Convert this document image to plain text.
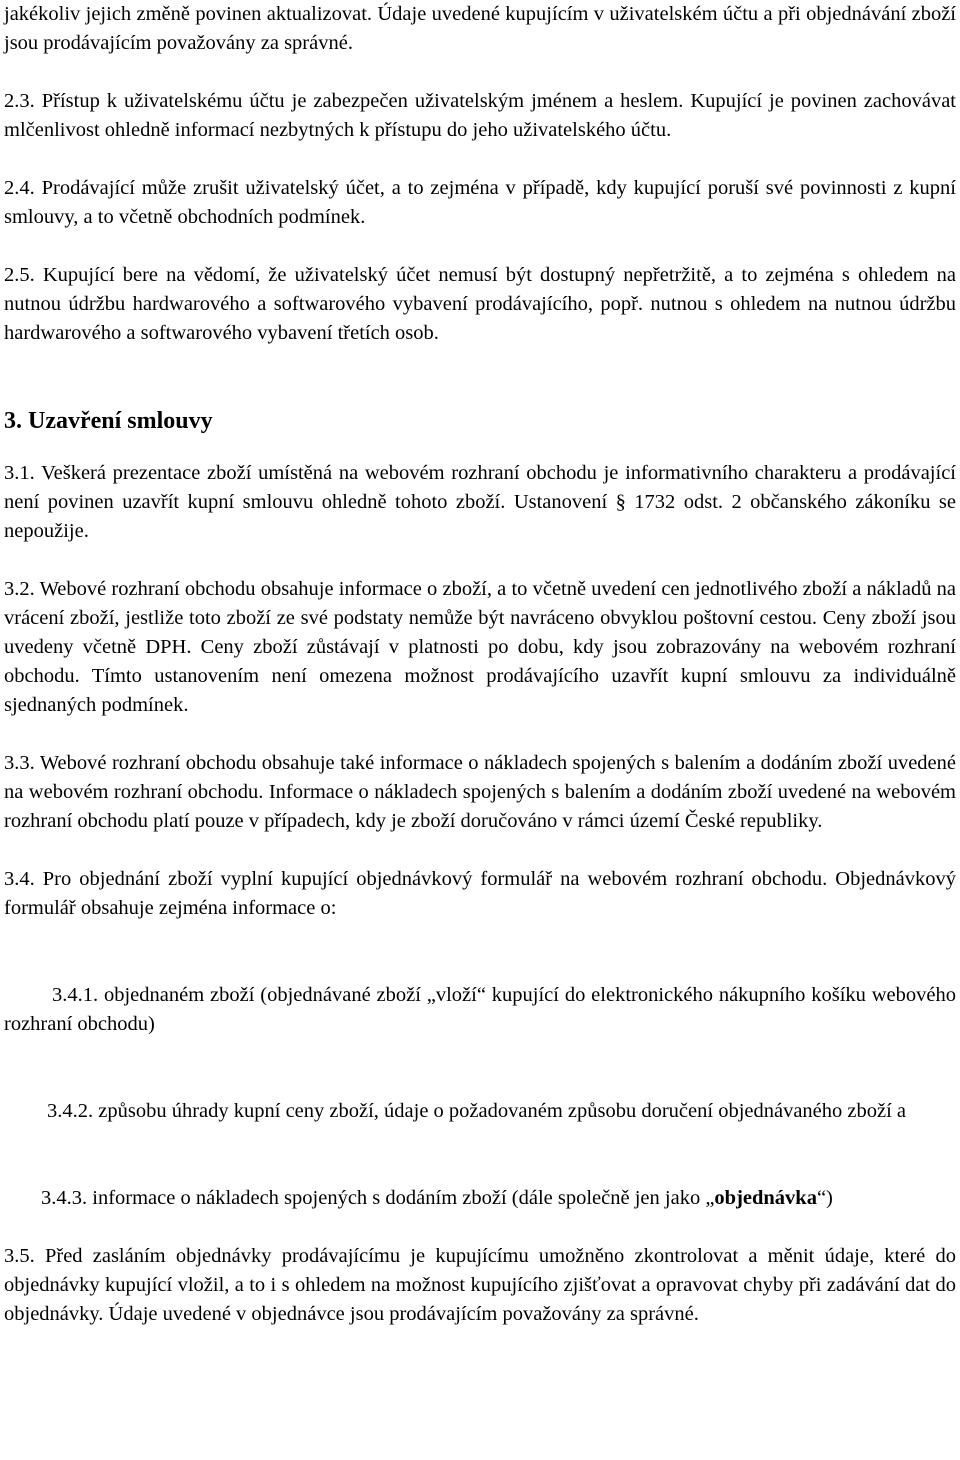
jakékoliv jejich změně povinen aktualizovat. Údaje uvedené kupujícím v uživatelském účtu a při objednávání zboží jsou prodávajícím považovány za správné.

2.3. Přístup k uživatelskému účtu je zabezpečen uživatelským jménem a heslem. Kupující je povinen zachovávat mlčenlivost ohledně informací nezbytných k přístupu do jeho uživatelského účtu.

2.4. Prodávající může zrušit uživatelský účet, a to zejména v případě, kdy kupující poruší své povinnosti z kupní smlouvy, a to včetně obchodních podmínek.

2.5. Kupující bere na vědomí, že uživatelský účet nemusí být dostupný nepřetržitě, a to zejména s ohledem na nutnou údržbu hardwarového a softwarového vybavení prodávajícího, popř. nutnou s ohledem na nutnou údržbu hardwarového a softwarového vybavení třetích osob.

3. Uzavření smlouvy

3.1. Veškerá prezentace zboží umístěná na webovém rozhraní obchodu je informativního charakteru a prodávající není povinen uzavřít kupní smlouvu ohledně tohoto zboží. Ustanovení § 1732 odst. 2 občanského zákoníku se nepoužije.

3.2. Webové rozhraní obchodu obsahuje informace o zboží, a to včetně uvedení cen jednotlivého zboží a nákladů na vrácení zboží, jestliže toto zboží ze své podstaty nemůže být navráceno obvyklou poštovní cestou. Ceny zboží jsou uvedeny včetně DPH. Ceny zboží zůstávají v platnosti po dobu, kdy jsou zobrazovány na webovém rozhraní obchodu. Tímto ustanovením není omezena možnost prodávajícího uzavřít kupní smlouvu za individuálně sjednaných podmínek.

3.3. Webové rozhraní obchodu obsahuje také informace o nákladech spojených s balením a dodáním zboží uvedené na webovém rozhraní obchodu. Informace o nákladech spojených s balením a dodáním zboží uvedené na webovém rozhraní obchodu platí pouze v případech, kdy je zboží doručováno v rámci území České republiky.

3.4. Pro objednání zboží vyplní kupující objednávkový formulář na webovém rozhraní obchodu. Objednávkový formulář obsahuje zejména informace o:

3.4.1. objednaném zboží (objednávané zboží „vloží“ kupující do elektronického nákupního košíku webového rozhraní obchodu)

3.4.2. způsobu úhrady kupní ceny zboží, údaje o požadovaném způsobu doručení objednávaného zboží a

3.4.3. informace o nákladech spojených s dodáním zboží (dále společně jen jako „objednávka“)

3.5. Před zasláním objednávky prodávajícímu je kupujícímu umožněno zkontrolovat a měnit údaje, které do objednávky kupující vložil, a to i s ohledem na možnost kupujícího zjišťovat a opravovat chyby při zadávání dat do objednávky. Údaje uvedené v objednávce jsou prodávajícím považovány za správné.
